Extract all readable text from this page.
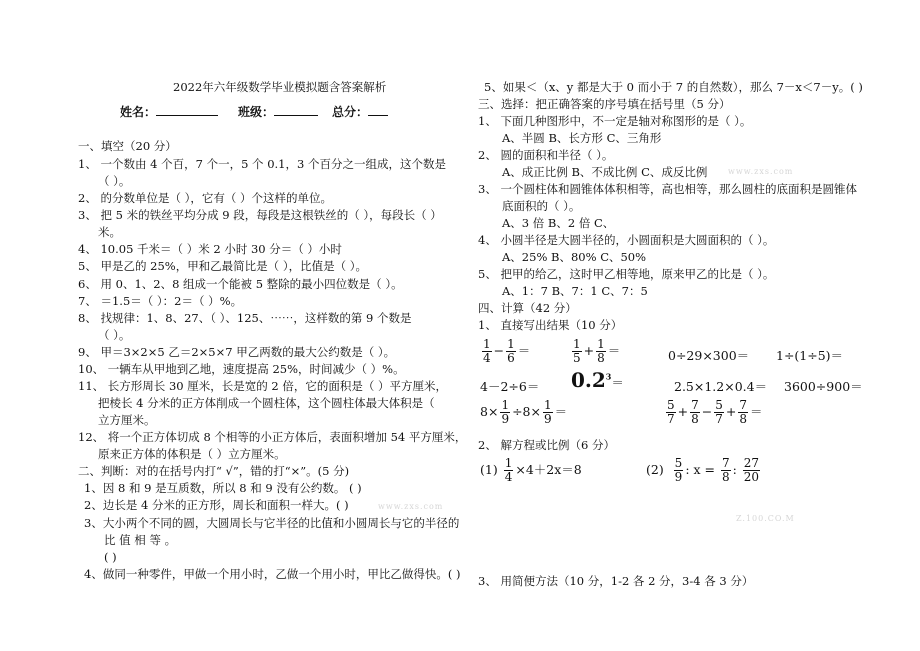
2022年六年级数学毕业模拟题含答案解析
姓名：	班级：	总分：
一、填空（20 分）
1、 一个数由 4 个百，7 个一，5 个 0.1，3 个百分之一组成，这个数是
（ ）。
2、 的分数单位是（ ），它有（ ）个这样的单位。
3、 把 5 米的铁丝平均分成 9 段，每段是这根铁丝的（ ），每段长（ ）
米。
4、 10.05 千米＝（ ）米 2 小时 30 分＝（ ）小时
5、 甲是乙的 25%，甲和乙最简比是（ ），比值是（ ）。
6、 用 0、1、2、8 组成一个能被 5 整除的最小四位数是（ ）。
7、 ＝1.5＝（ ）：2＝（ ）%。
8、 找规律：1、8、27、（ ）、125、⋯⋯，这样数的第 9 个数是
（ ）。
9、 甲＝3×2×5 乙＝2×5×7 甲乙两数的最大公约数是（ ）。
10、 一辆车从甲地到乙地，速度提高 25%，时间减少（ ）%。
11、 长方形周长 30 厘米，长是宽的 2 倍，它的面积是（ ）平方厘米，
把棱长 4 分米的正方体削成一个圆柱体，这个圆柱体最大体积是（
立方厘米。
12、 将一个正方体切成 8 个相等的小正方体后，表面积增加 54 平方厘米，
原来正方体的体积是（ ）立方厘米。
二、判断：对的在括号内打“ √”，错的打“×”。(5 分)
1、因 8 和 9 是互质数，所以 8 和 9 没有公约数。 ( )
2、边长是 4 分米的正方形，周长和面积一样大。( )
3、大小两个不同的圆，大圆周长与它半径的比值和小圆周长与它的半径的
比 值 相 等 。
( )
4、做同一种零件，甲做一个用小时，乙做一个用小时，甲比乙做得快。( )
5、如果＜（x、y 都是大于 0 而小于 7 的自然数），那么 7－x＜7－y。( )
三、选择：把正确答案的序号填在括号里（5 分）
1、 下面几种图形中，不一定是轴对称图形的是（ ）。
A、半圆 B、长方形 C、三角形
2、 圆的面积和半径（ ）。
A、成正比例 B、不成比例 C、成反比例
3、 一个圆柱体和圆锥体体积相等，高也相等，那么圆柱的底面积是圆锥体
底面积的（ ）。
A、3 倍 B、2 倍 C、
4、 小圆半径是大圆半径的，小圆面积是大圆面积的（ ）。
A、25% B、80% C、50%
5、 把甲的给乙，这时甲乙相等地，原来甲乙的比是（ ）。
A、1：7 B、7：1 C、7：5
四、计算（42 分）
1、 直接写出结果（10 分）
$\frac{1}{4} - \frac{1}{6}$ ＝	$\frac{1}{5} + \frac{1}{8}$ ＝	0÷29×300＝ 1÷(1÷5)＝
$4-2\div 6= 0.2^3=$	2.5×1.2×0.4＝ 3600÷900＝
$8\times \frac{1}{9} \div 8\times \frac{1}{9}$ ＝	$\frac{5}{7} + \frac{7}{8} - \frac{5}{7} + \frac{7}{8}$ ＝
2、 解方程或比例（6 分）
$(1) \frac{1}{4} \times 4+2x=8$	$(2) \frac{5}{9}$ : $x = \frac{7}{8}$ : $\frac{27}{20}$
www.zxs.com
Z.100.CO.M
www.zxs.com
3、 用简便方法（10 分，1-2 各 2 分，3-4 各 3 分）
